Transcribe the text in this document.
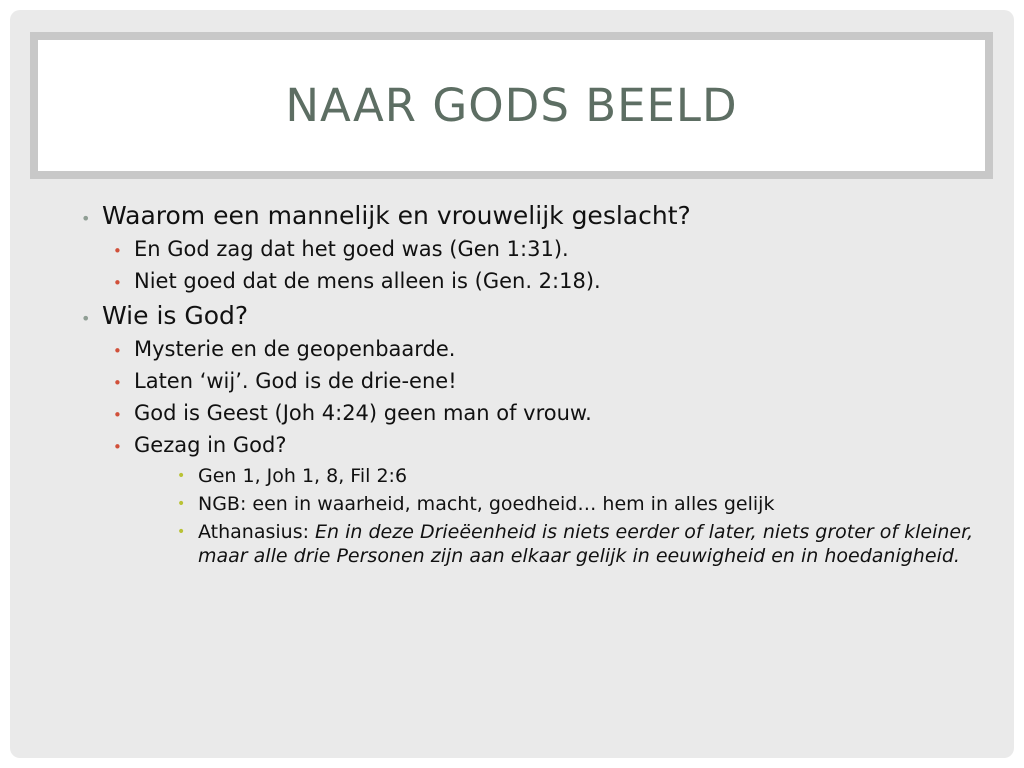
NAAR GODS BEELD
• Waarom een mannelijk en vrouwelijk geslacht?
• En God zag dat het goed was (Gen 1:31).
• Niet goed dat de mens alleen is (Gen. 2:18).
• Wie is God?
• Mysterie en de geopenbaarde.
• Laten ‘wij’. God is de drie-ene!
• God is Geest (Joh 4:24) geen man of vrouw.
• Gezag in God?
• Gen 1, Joh 1, 8, Fil 2:6
• NGB: een in waarheid, macht, goedheid… hem in alles gelijk
• Athanasius: En in deze Drieëenheid is niets eerder of later, niets groter of kleiner, maar alle drie Personen zijn aan elkaar gelijk in eeuwigheid en in hoedanigheid.
